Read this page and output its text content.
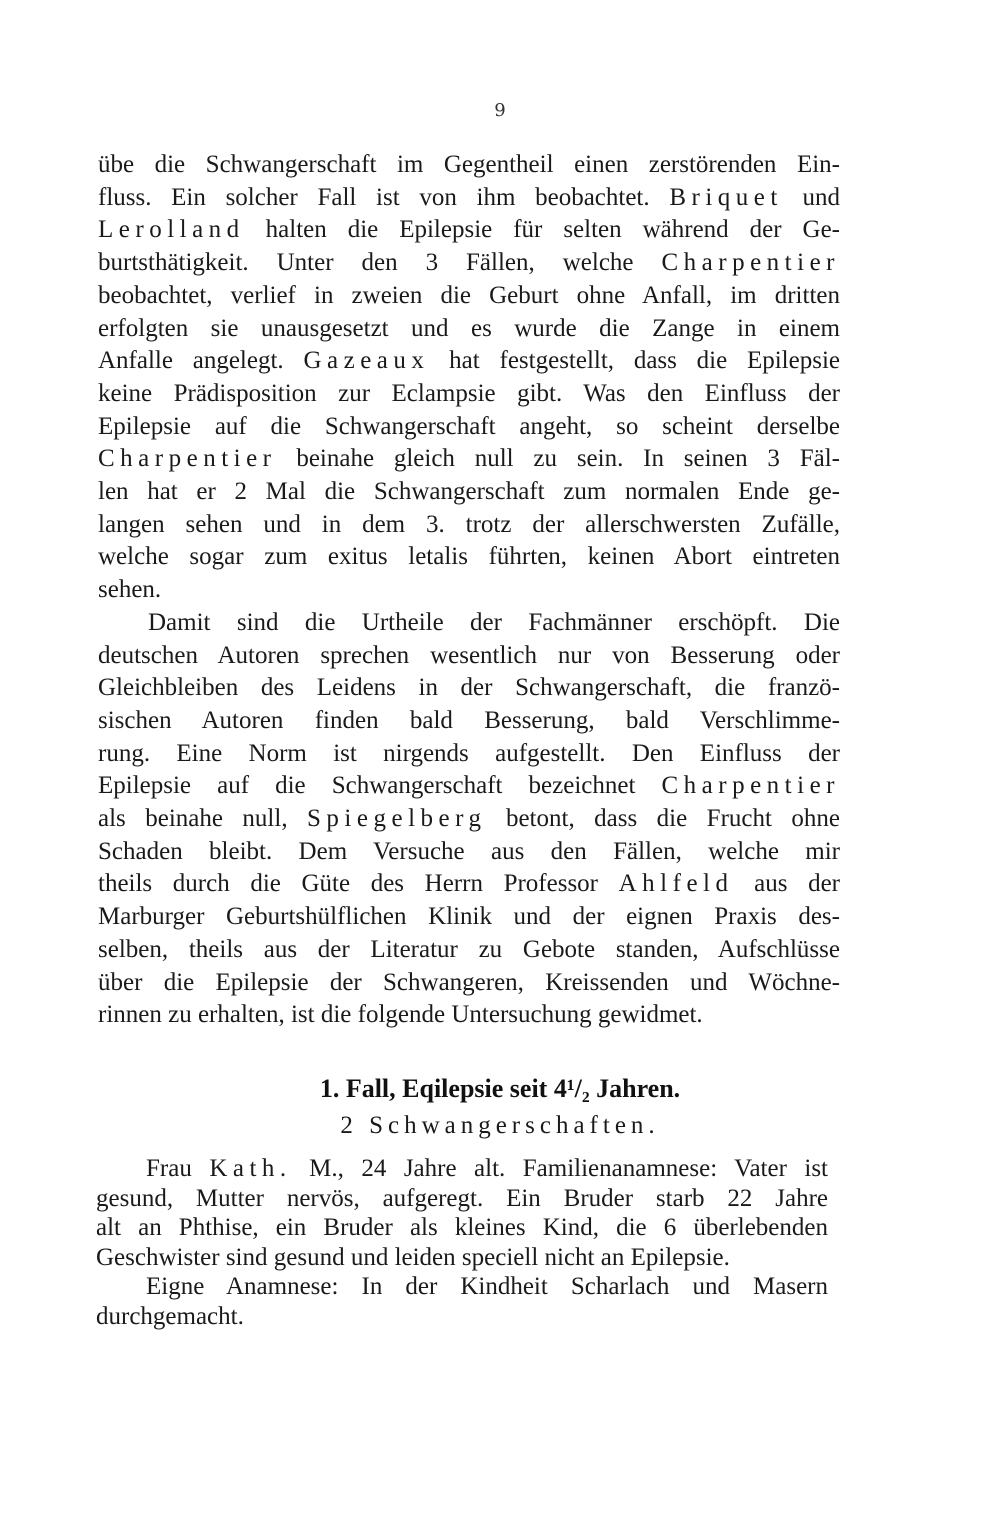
9
übe die Schwangerschaft im Gegentheil einen zerstörenden Ein-
fluss. Ein solcher Fall ist von ihm beobachtet. Briquet und
Lerolland halten die Epilepsie für selten während der Ge-
burtsthätigkeit. Unter den 3 Fällen, welche Charpentier
beobachtet, verlief in zweien die Geburt ohne Anfall, im dritten
erfolgten sie unausgesetzt und es wurde die Zange in einem
Anfalle angelegt. Gazeaux hat festgestellt, dass die Epilepsie
keine Prädisposition zur Eclampsie gibt. Was den Einfluss der
Epilepsie auf die Schwangerschaft angeht, so scheint derselbe
Charpentier beinahe gleich null zu sein. In seinen 3 Fäl-
len hat er 2 Mal die Schwangerschaft zum normalen Ende ge-
langen sehen und in dem 3. trotz der allerschwersten Zufälle,
welche sogar zum exitus letalis führten, keinen Abort eintreten
sehen.
Damit sind die Urtheile der Fachmänner erschöpft. Die
deutschen Autoren sprechen wesentlich nur von Besserung oder
Gleichbleiben des Leidens in der Schwangerschaft, die franzö-
sischen Autoren finden bald Besserung, bald Verschlimme-
rung. Eine Norm ist nirgends aufgestellt. Den Einfluss der
Epilepsie auf die Schwangerschaft bezeichnet Charpentier
als beinahe null, Spiegelberg betont, dass die Frucht ohne
Schaden bleibt. Dem Versuche aus den Fällen, welche mir
theils durch die Güte des Herrn Professor Ahlfeld aus der
Marburger Geburtshülflichen Klinik und der eignen Praxis des-
selben, theils aus der Literatur zu Gebote standen, Aufschlüsse
über die Epilepsie der Schwangeren, Kreissenden und Wöchne-
rinnen zu erhalten, ist die folgende Untersuchung gewidmet.
1. Fall, Eqilepsie seit 4¹/₂ Jahren.
2 Schwangerschaften.
Frau Kath. M., 24 Jahre alt. Familienanamnese: Vater ist
gesund, Mutter nervös, aufgeregt. Ein Bruder starb 22 Jahre
alt an Phthise, ein Bruder als kleines Kind, die 6 überlebenden
Geschwister sind gesund und leiden speciell nicht an Epilepsie.
Eigne Anamnese: In der Kindheit Scharlach und Masern
durchgemacht.
